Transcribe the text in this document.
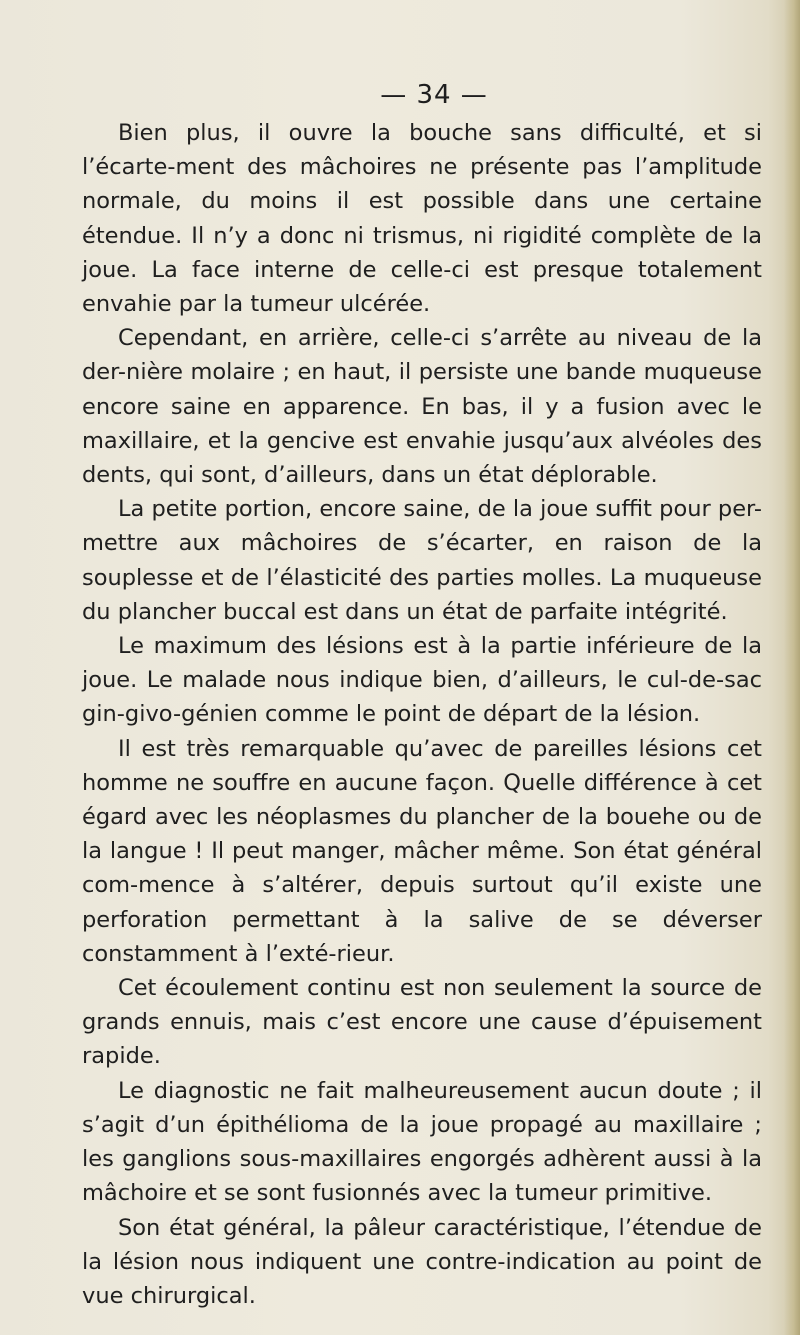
— 34 —

Bien plus, il ouvre la bouche sans difficulté, et si l’écarte-ment des mâchoires ne présente pas l’amplitude normale, du moins il est possible dans une certaine étendue. Il n’y a donc ni trismus, ni rigidité complète de la joue. La face interne de celle-ci est presque totalement envahie par la tumeur ulcérée.

Cependant, en arrière, celle-ci s’arrête au niveau de la der-nière molaire ; en haut, il persiste une bande muqueuse encore saine en apparence. En bas, il y a fusion avec le maxillaire, et la gencive est envahie jusqu’aux alvéoles des dents, qui sont, d’ailleurs, dans un état déplorable.

La petite portion, encore saine, de la joue suffit pour per-mettre aux mâchoires de s’écarter, en raison de la souplesse et de l’élasticité des parties molles. La muqueuse du plancher buccal est dans un état de parfaite intégrité.

Le maximum des lésions est à la partie inférieure de la joue. Le malade nous indique bien, d’ailleurs, le cul-de-sac gin-givo-génien comme le point de départ de la lésion.

Il est très remarquable qu’avec de pareilles lésions cet homme ne souffre en aucune façon. Quelle différence à cet égard avec les néoplasmes du plancher de la bouehe ou de la langue ! Il peut manger, mâcher même. Son état général com-mence à s’altérer, depuis surtout qu’il existe une perforation permettant à la salive de se déverser constamment à l’exté-rieur.

Cet écoulement continu est non seulement la source de grands ennuis, mais c’est encore une cause d’épuisement rapide.

Le diagnostic ne fait malheureusement aucun doute ; il s’agit d’un épithélioma de la joue propagé au maxillaire ; les ganglions sous-maxillaires engorgés adhèrent aussi à la mâchoire et se sont fusionnés avec la tumeur primitive.

Son état général, la pâleur caractéristique, l’étendue de la lésion nous indiquent une contre-indication au point de vue chirurgical.
